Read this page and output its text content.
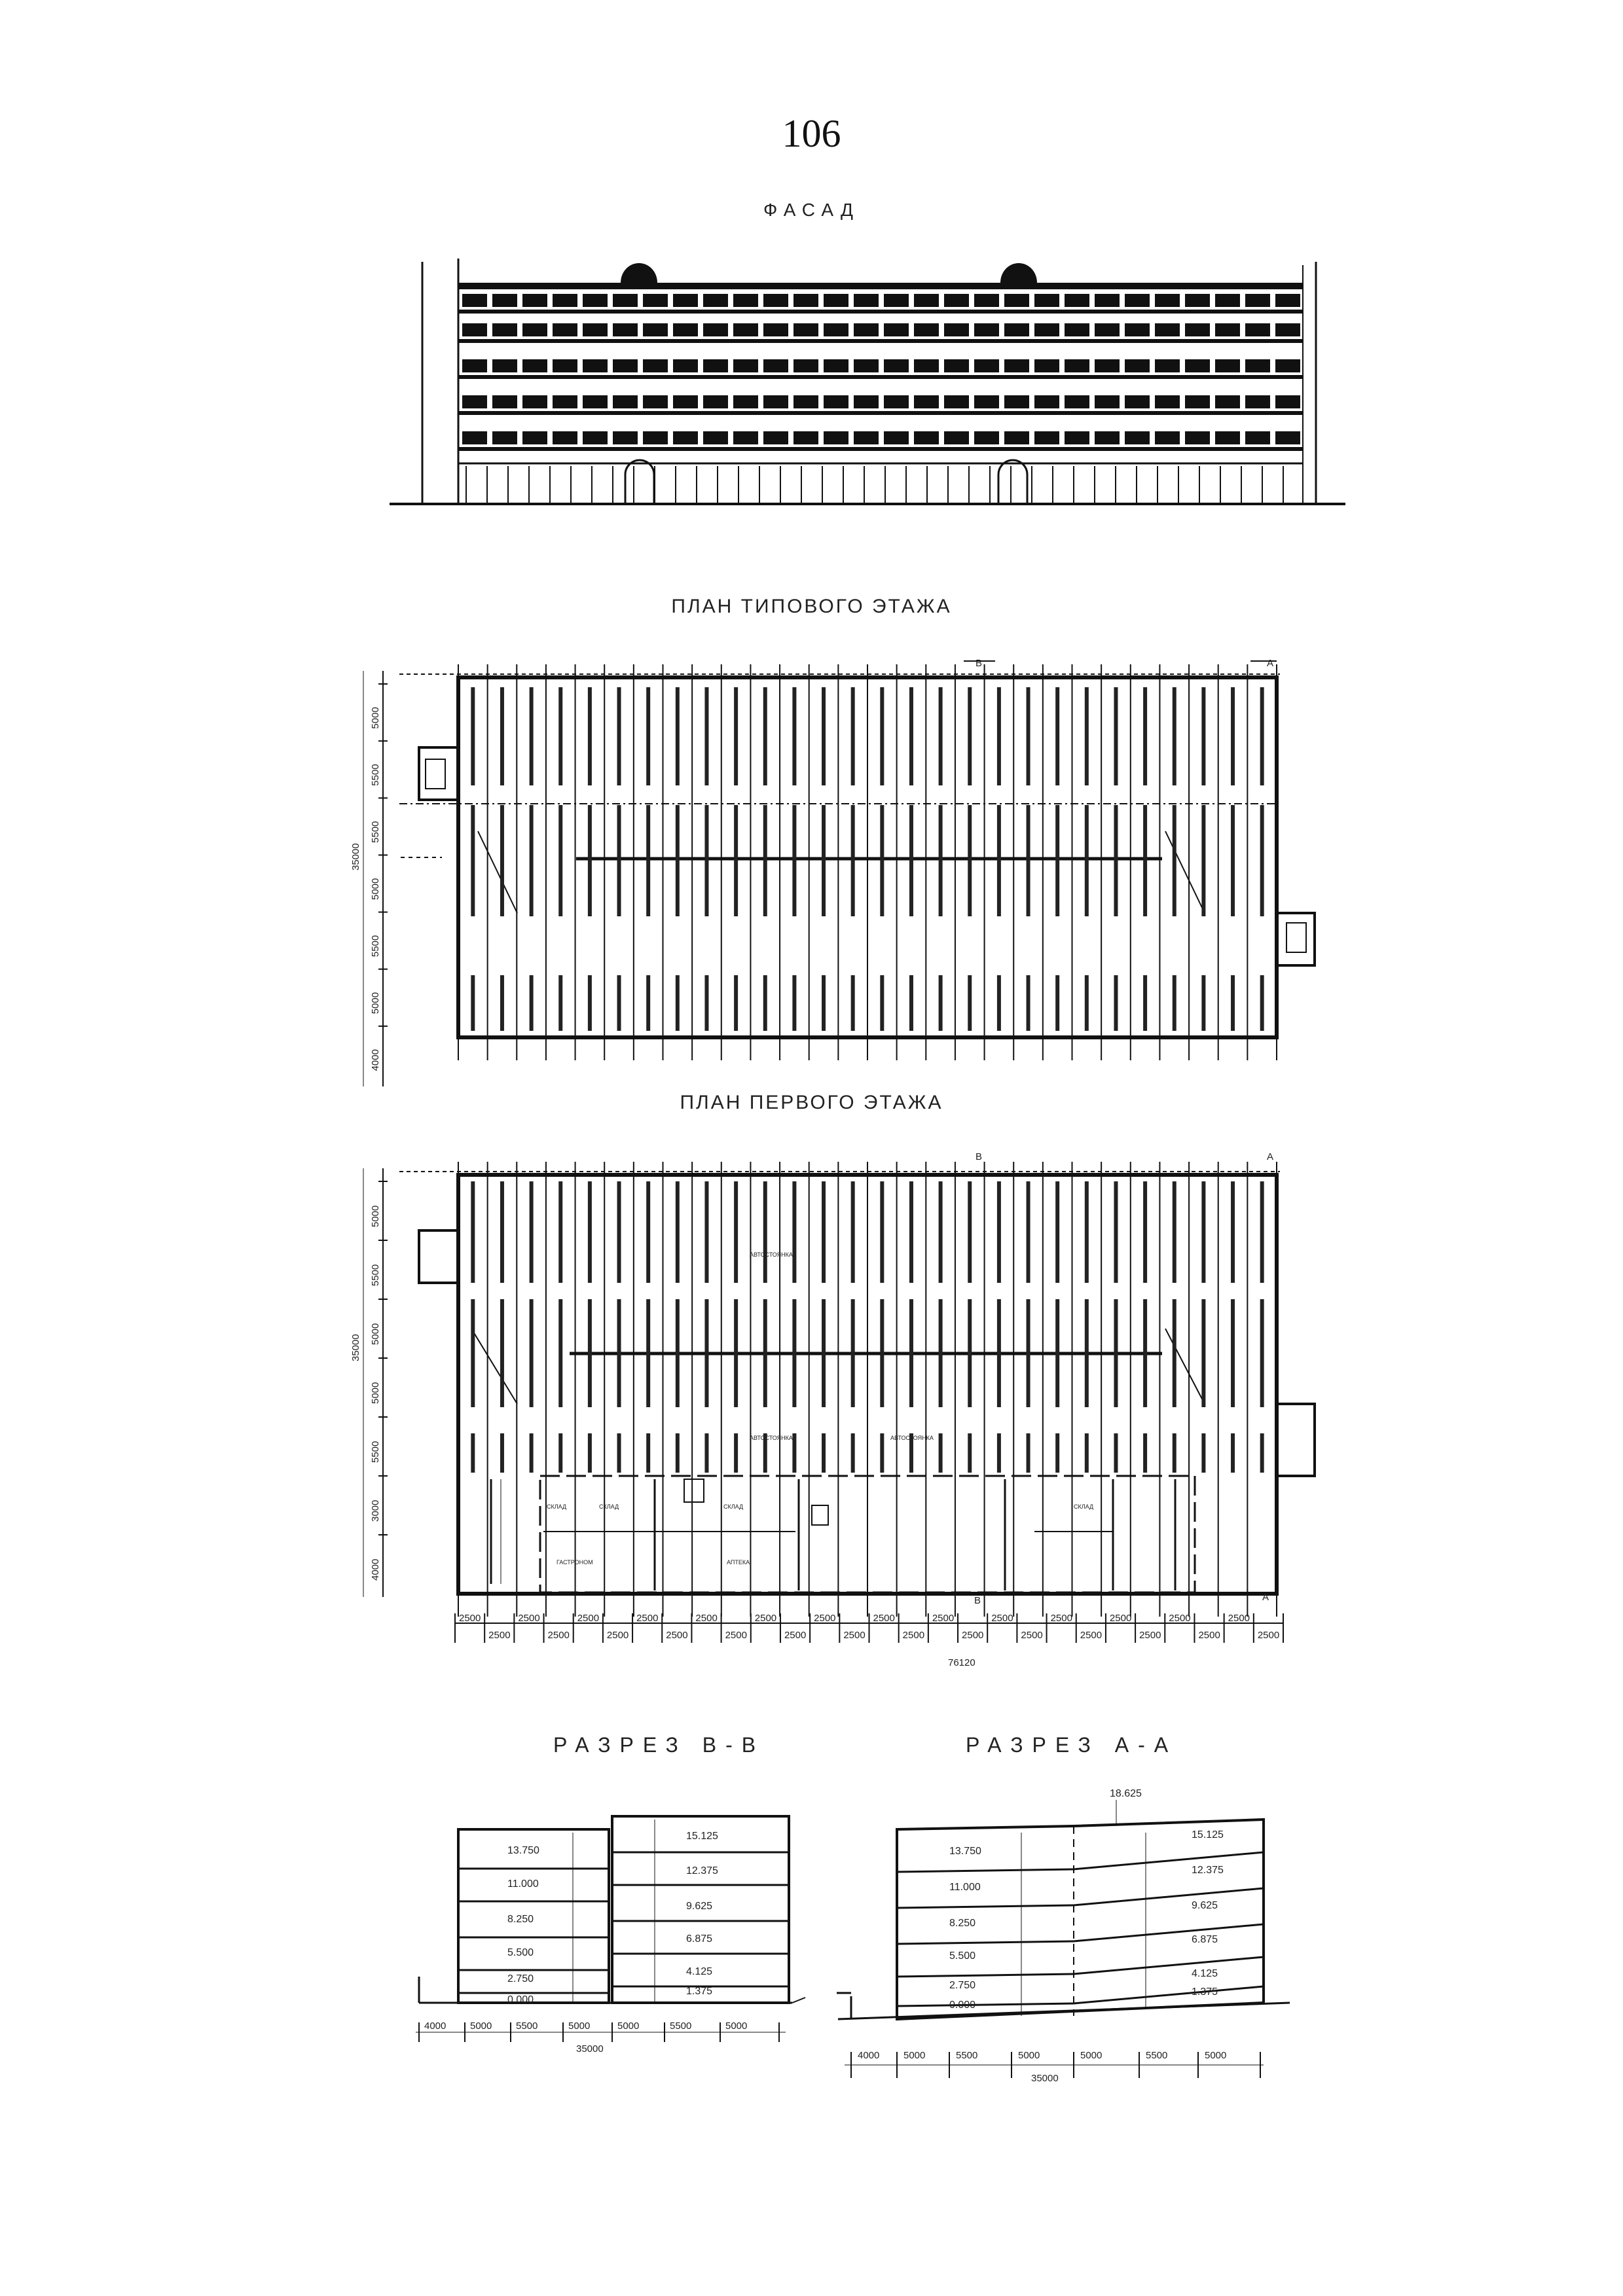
106
ФАСАД
ПЛАН ТИПОВОГО ЭТАЖА
ПЛАН ПЕРВОГО ЭТАЖА
РАЗРЕЗ В-В	РАЗРЕЗ А-А
5000
5500
5500
5000
5500
5000
4000
35000
В	А
АВТОСТОЯНКА
АВТОСТОЯНКА	АВТОСТОЯНКА
СКЛАД	СКЛАД	СКЛАД	СКЛАД
АПТЕКА
ГАСТРОНОМ
5000
5500
5000
5000
5500
3000
4000
35000
В	А
В	А
2500
2500
2500
2500
2500
2500
2500
2500
2500
2500
2500
2500
2500
2500
2500
2500
2500
2500
2500
2500
2500
2500
2500
2500
2500
2500
2500
2500
76120
13.750
11.000
8.250
5.500
2.750
0.000
15.125
12.375
9.625
6.875
4.125
1.375
4000 5000 5500	5000	5000	5500	5000
35000
13.750
11.000
8.250
5.500
2.750
0.000
15.125
12.375
9.625
6.875
4.125
1.375
18.625
4000 5000	5500	5000	5000	5500	5000
35000
